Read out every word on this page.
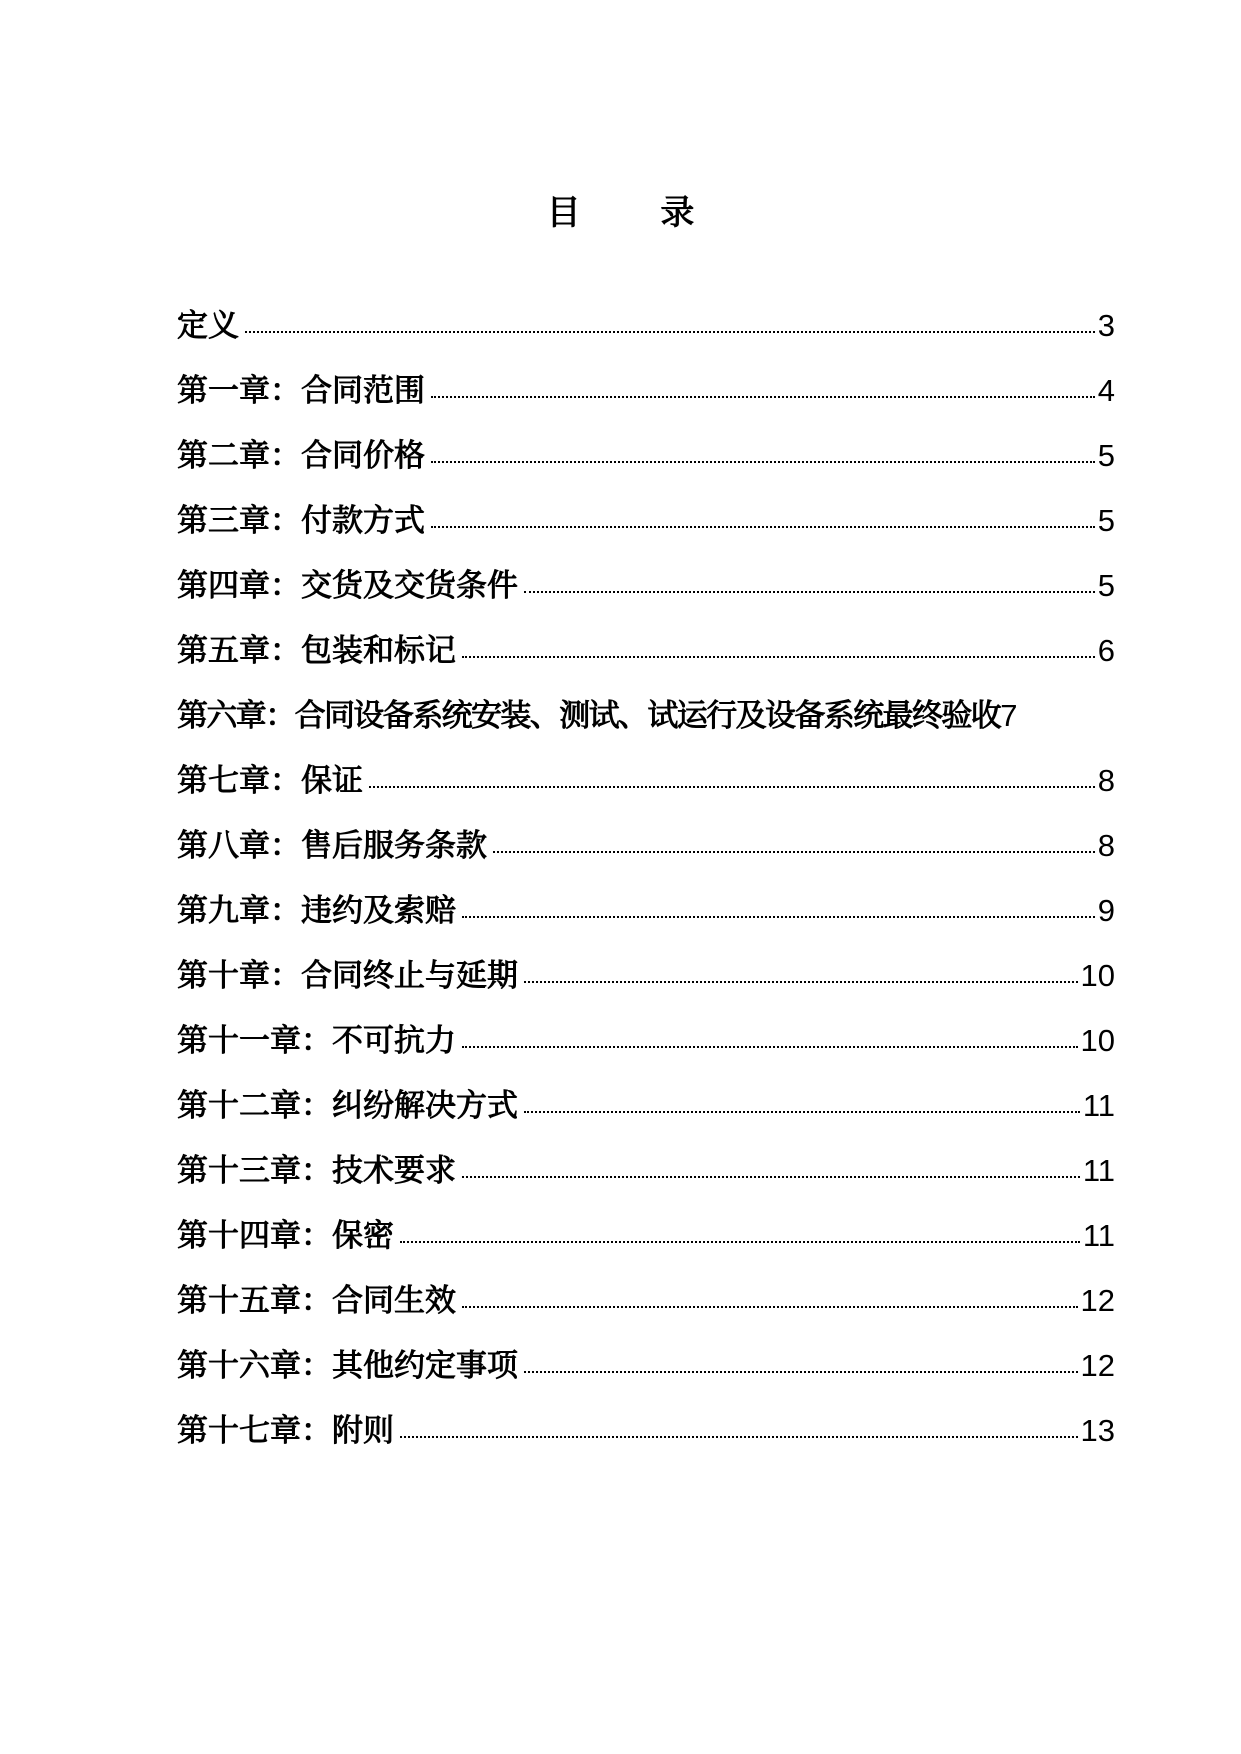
目 录
定义	3
第一章：合同范围	4
第二章：合同价格	5
第三章：付款方式	5
第四章：交货及交货条件	5
第五章：包装和标记	6
第六章：合同设备系统安装、测试、试运行及设备系统最终验收 7
第七章：保证	8
第八章：售后服务条款	8
第九章：违约及索赔	9
第十章：合同终止与延期	10
第十一章：不可抗力	10
第十二章：纠纷解决方式	11
第十三章：技术要求	11
第十四章：保密	11
第十五章：合同生效	12
第十六章：其他约定事项	12
第十七章：附则	13
